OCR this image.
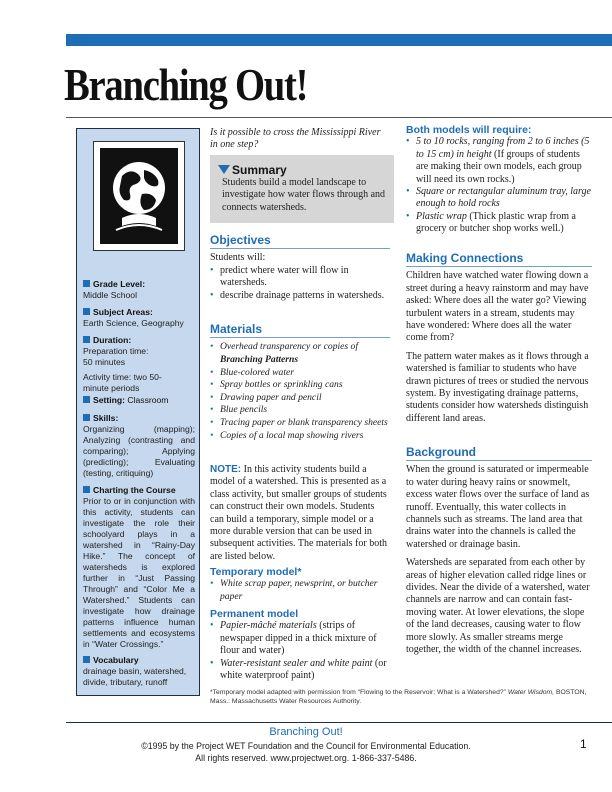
Branching Out!
Grade Level:
Middle School
Subject Areas:
Earth Science, Geography
Duration:
Preparation time: 50 minutes
Activity time: two 50-minute periods
Setting: Classroom
Skills:
Organizing (mapping); Analyzing (contrasting and comparing); Applying (predicting); Evaluating (testing, critiquing)
Charting the Course
Prior to or in conjunction with this activity, students can investigate the role their schoolyard plays in a watershed in “Rainy-Day Hike.” The concept of watersheds is explored further in “Just Passing Through” and “Color Me a Watershed.” Students can investigate how drainage patterns influence human settlements and ecosystems in “Water Crossings.”
Vocabulary
drainage basin, watershed, divide, tributary, runoff
Is it possible to cross the Mississippi River in one step?
Summary
Students build a model landscape to investigate how water flows through and connects watersheds.
Objectives
Students will:
• predict where water will flow in watersheds.
• describe drainage patterns in watersheds.
Materials
• Overhead transparency or copies of Branching Patterns
• Blue-colored water
• Spray bottles or sprinkling cans
• Drawing paper and pencil
• Blue pencils
• Tracing paper or blank transparency sheets
• Copies of a local map showing rivers
NOTE: In this activity students build a model of a watershed. This is presented as a class activity, but smaller groups of students can construct their own models. Students can build a temporary, simple model or a more durable version that can be used in subsequent activities. The materials for both are listed below.
Temporary model*
• White scrap paper, newsprint, or butcher paper
Permanent model
• Papier-mâché materials (strips of newspaper dipped in a thick mixture of flour and water)
• Water-resistant sealer and white paint (or white waterproof paint)
Both models will require:
• 5 to 10 rocks, ranging from 2 to 6 inches (5 to 15 cm) in height (If groups of students are making their own models, each group will need its own rocks.)
• Square or rectangular aluminum tray, large enough to hold rocks
• Plastic wrap (Thick plastic wrap from a grocery or butcher shop works well.)
Making Connections

Children have watched water flowing down a street during a heavy rainstorm and may have asked: Where does all the water go? Viewing turbulent waters in a stream, students may have wondered: Where does all the water come from?

The pattern water makes as it flows through a watershed is familiar to students who have drawn pictures of trees or studied the nervous system. By investigating drainage patterns, students consider how watersheds distinguish different land areas.

Background

When the ground is saturated or impermeable to water during heavy rains or snowmelt, excess water flows over the surface of land as runoff. Eventually, this water collects in channels such as streams. The land area that drains water into the channels is called the watershed or drainage basin.

Watersheds are separated from each other by areas of higher elevation called ridge lines or divides. Near the divide of a watershed, water channels are narrow and can contain fast-moving water. At lower elevations, the slope of the land decreases, causing water to flow more slowly. As smaller streams merge together, the width of the channel increases.

*Temporary model adapted with permission from “Flowing to the Reservoir: What is a Watershed?” Water Wisdom, BOSTON, Mass.: Massachusetts Water Resources Authority.
Branching Out!
©1995 by the Project WET Foundation and the Council for Environmental Education.
All rights reserved. www.projectwet.org. 1-866-337-5486.
1
